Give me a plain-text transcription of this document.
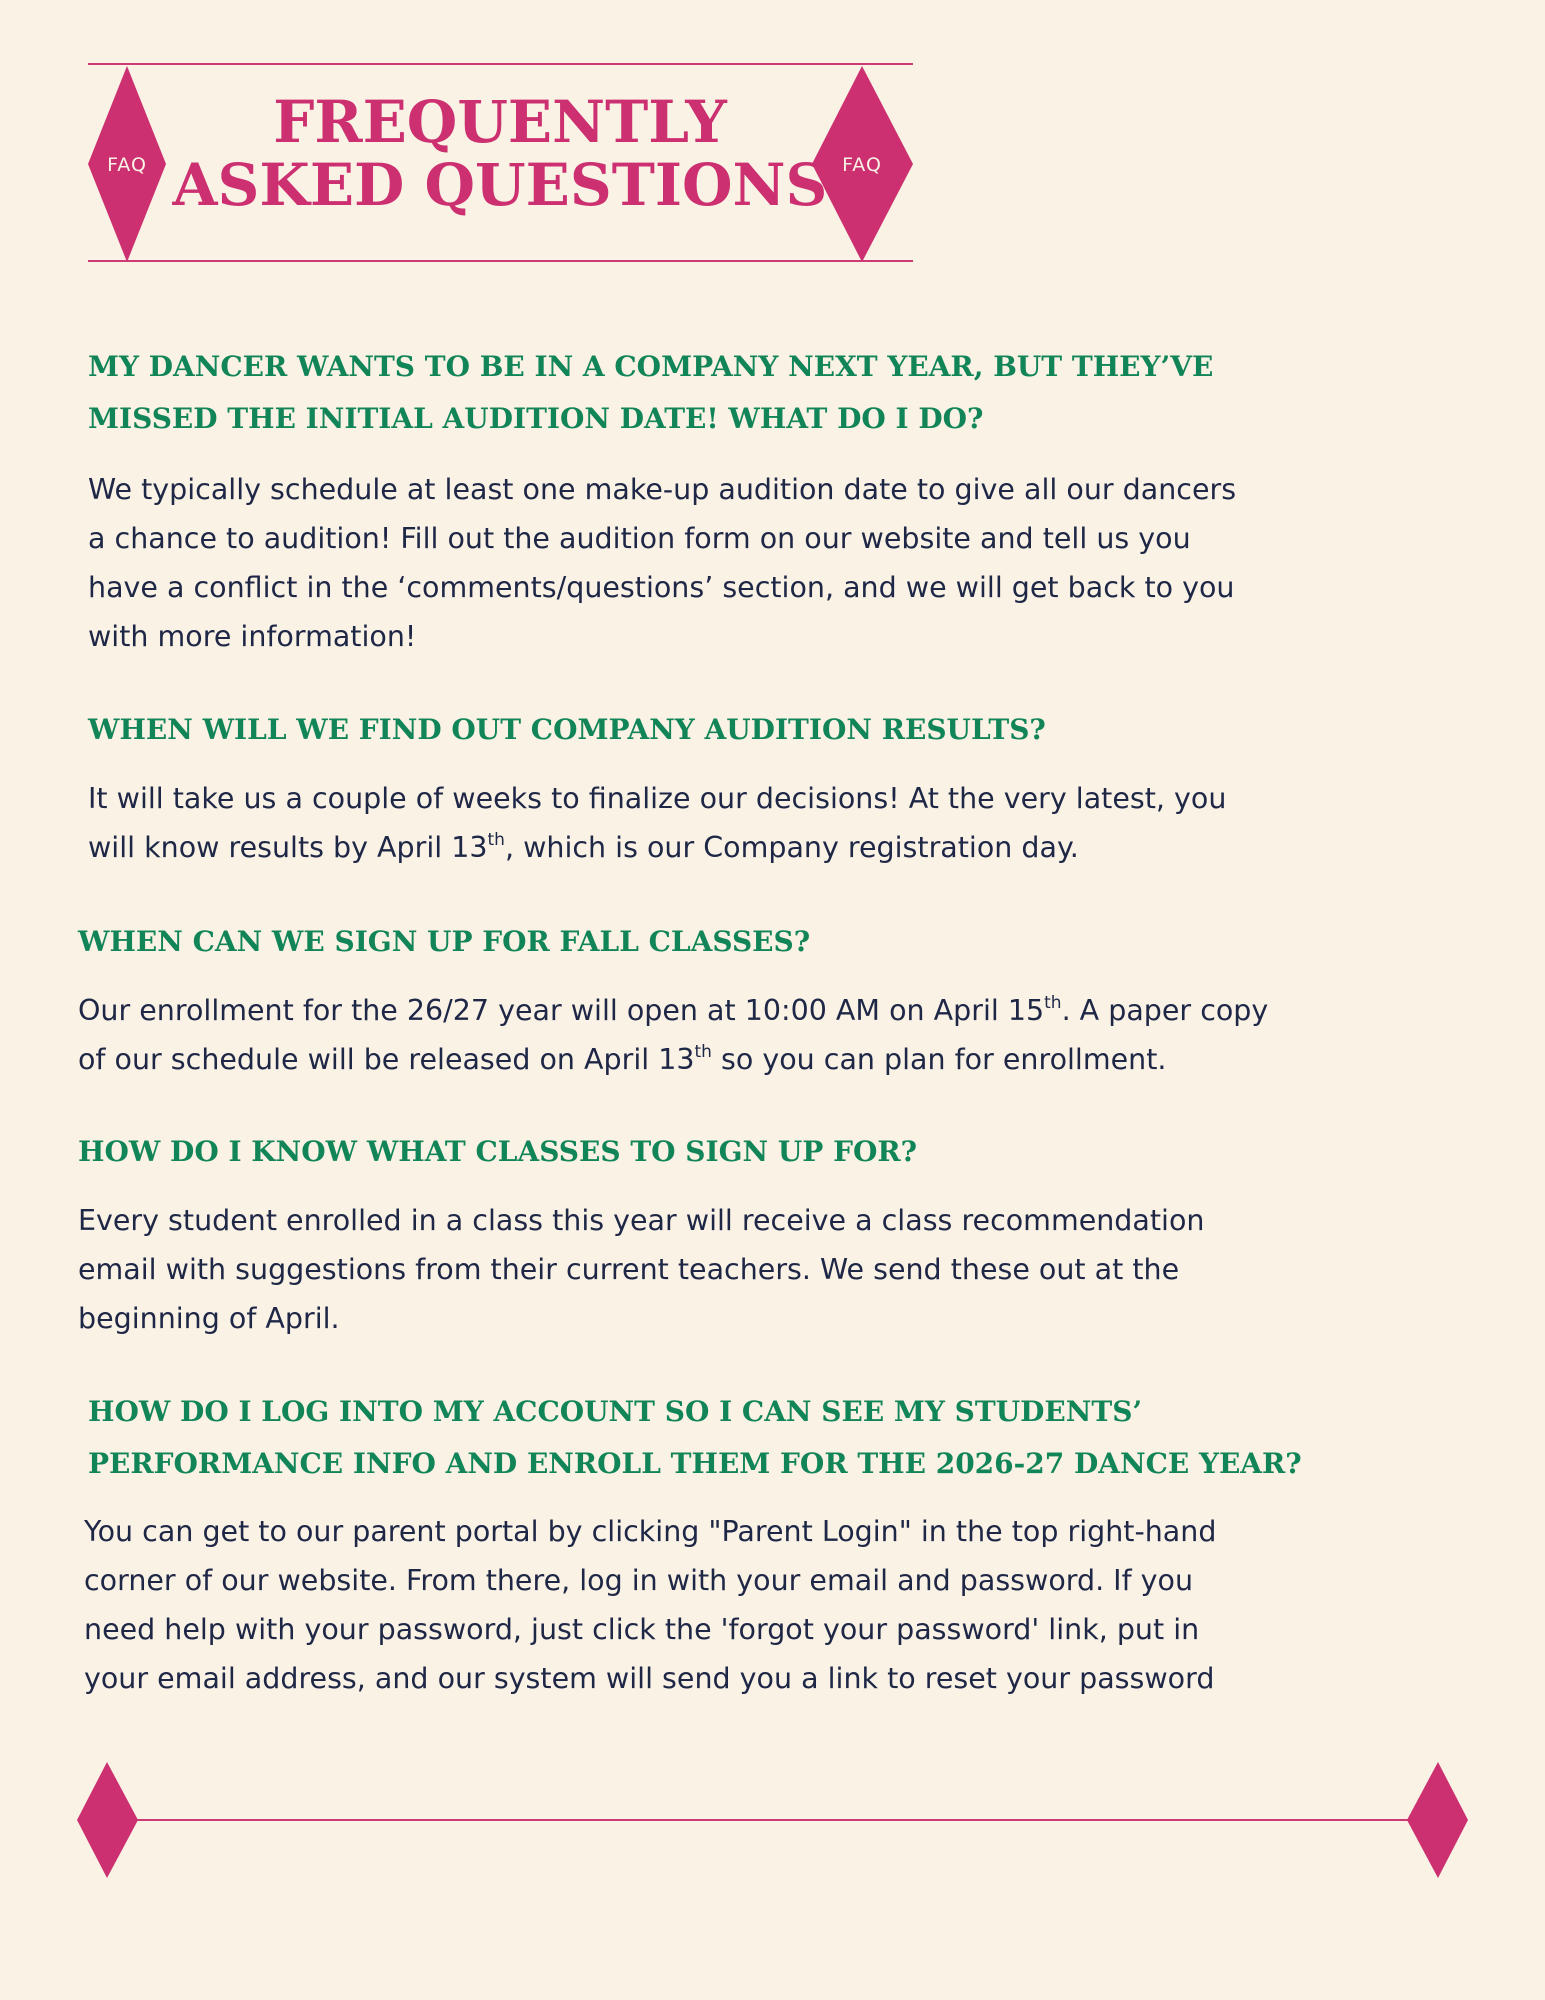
FAQ	FAQ
FREQUENTLY
ASKED QUESTIONS
MY DANCER WANTS TO BE IN A COMPANY NEXT YEAR, BUT THEY’VE
MISSED THE INITIAL AUDITION DATE! WHAT DO I DO?

We typically schedule at least one make-up audition date to give all our dancers
a chance to audition! Fill out the audition form on our website and tell us you
have a conflict in the ‘comments/questions’ section, and we will get back to you
with more information!

WHEN WILL WE FIND OUT COMPANY AUDITION RESULTS?

It will take us a couple of weeks to finalize our decisions! At the very latest, you
will know results by April 13th, which is our Company registration day.

WHEN CAN WE SIGN UP FOR FALL CLASSES?

Our enrollment for the 26/27 year will open at 10:00 AM on April 15th. A paper copy
of our schedule will be released on April 13th so you can plan for enrollment.

HOW DO I KNOW WHAT CLASSES TO SIGN UP FOR?

Every student enrolled in a class this year will receive a class recommendation
email with suggestions from their current teachers. We send these out at the
beginning of April.

HOW DO I LOG INTO MY ACCOUNT SO I CAN SEE MY STUDENTS’
PERFORMANCE INFO AND ENROLL THEM FOR THE 2026-27 DANCE YEAR?

You can get to our parent portal by clicking "Parent Login" in the top right-hand
corner of our website. From there, log in with your email and password. If you
need help with your password, just click the 'forgot your password' link, put in
your email address, and our system will send you a link to reset your password
